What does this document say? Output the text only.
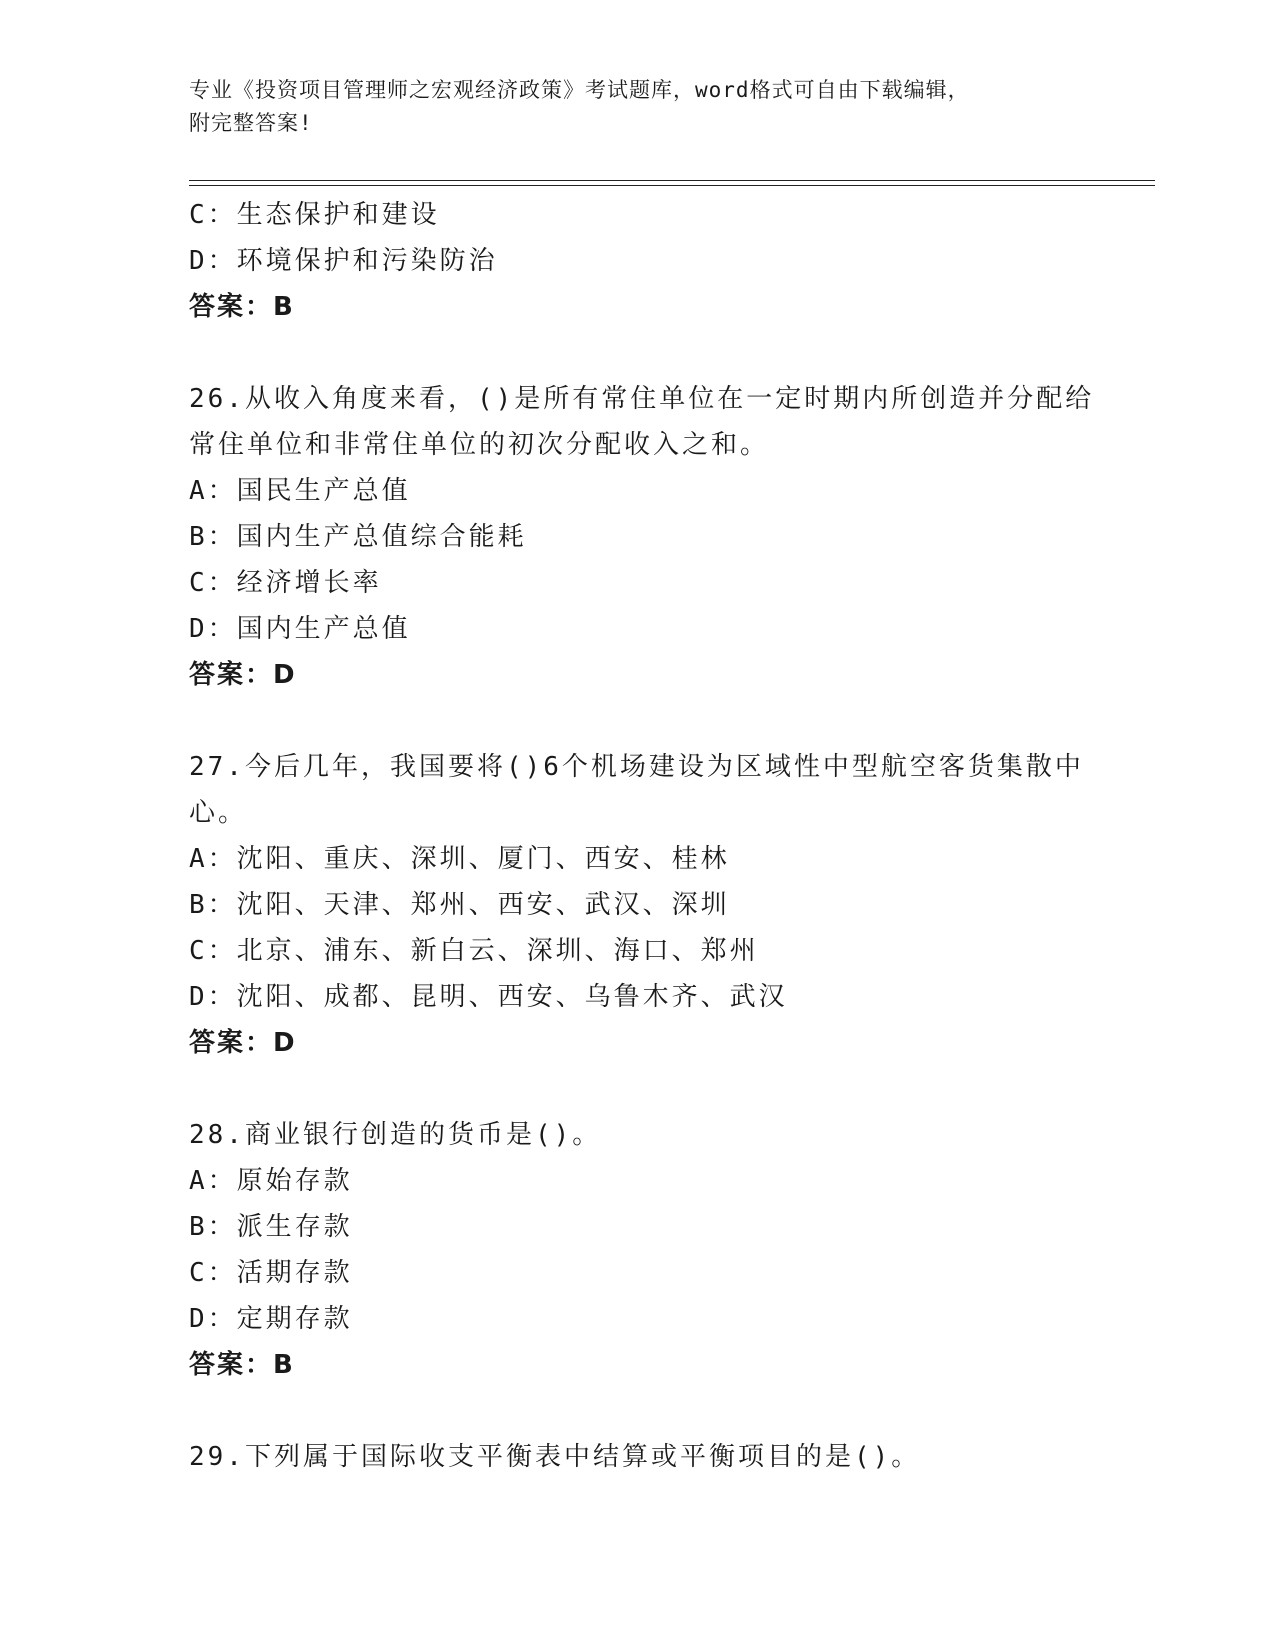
专业《投资项目管理师之宏观经济政策》考试题库，word格式可自由下载编辑，
附完整答案!
C：生态保护和建设
D：环境保护和污染防治
答案：B
26.从收入角度来看，()是所有常住单位在一定时期内所创造并分配给
常住单位和非常住单位的初次分配收入之和。
A：国民生产总值
B：国内生产总值综合能耗
C：经济增长率
D：国内生产总值
答案：D
27.今后几年，我国要将()6个机场建设为区域性中型航空客货集散中
心。
A：沈阳、重庆、深圳、厦门、西安、桂林
B：沈阳、天津、郑州、西安、武汉、深圳
C：北京、浦东、新白云、深圳、海口、郑州
D：沈阳、成都、昆明、西安、乌鲁木齐、武汉
答案：D
28.商业银行创造的货币是()。
A：原始存款
B：派生存款
C：活期存款
D：定期存款
答案：B
29.下列属于国际收支平衡表中结算或平衡项目的是()。
